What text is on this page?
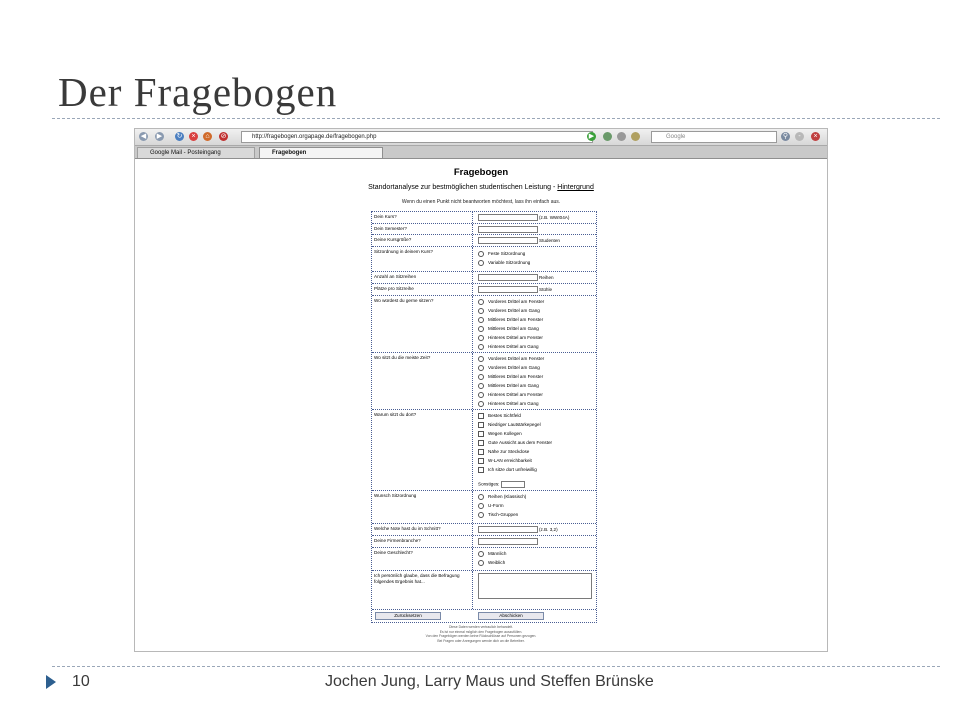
Der Fragebogen
◀ ▶ ↻	×	⌂	⊘	http://fragebogen.orgapage.de/fragebogen.php	▶	Google	⚲	-	×
Google Mail - Posteingang	Fragebogen
Fragebogen
Standortanalyse zur bestmöglichen studentischen Leistung - Hintergrund
Wenn du einen Punkt nicht beantworten möchtest, lass ihn einfach aus.
Dein Kurs?	(z.B. WWI04A)
Dein Semester?
Deine Kursgröße?	Studenten
Sitzordnung in deinem Kurs?	Feste Sitzordnung
Variable Sitzordnung
Anzahl an Sitzreihen	Reihen
Plätze pro Sitzreihe	Stühle
Wo würdest du gerne sitzen?	Vorderes Drittel am Fenster
Vorderes Drittel am Gang
Mittleres Drittel am Fenster
Mittleres Drittel am Gang
Hinteres Drittel am Fenster
Hinteres Drittel am Gang
Wo sitzt du die meiste Zeit?	Vorderes Drittel am Fenster
Vorderes Drittel am Gang
Mittleres Drittel am Fenster
Mittleres Drittel am Gang
Hinteres Drittel am Fenster
Hinteres Drittel am Gang
Warum sitzt du dort?	Bestes Sichtfeld
Niedriger Lautstärkepegel
Wegen Kollegen
Gute Aussicht aus dem Fenster
Nähe zur Steckdose
W-LAN erreichbarkeit
Ich sitze dort unfreiwillig
Sonstiges:
Wunsch Sitzordnung	Reihen (Klassisch)
U-Form
Tisch-Gruppen
Welche Note hast du im Schnitt?	(z.B. 3,2)
Deine Firmenbranche?
Deine Geschlecht?	Männlich
Weiblich
Ich persönlich glaube, dass die Befragung folgendes Ergebnis hat...
Zurücksetzen	Abschicken
Diese Daten werden vertraulich behandelt.
Es ist nur einmal möglich den Fragebogen auszufüllen.
Von den Fragebögen werden keine Rückschlüsse auf Personen gezogen.
Bei Fragen oder Anregungen wende dich an die Betreiber.
10	Jochen Jung, Larry Maus und Steffen Brünske
